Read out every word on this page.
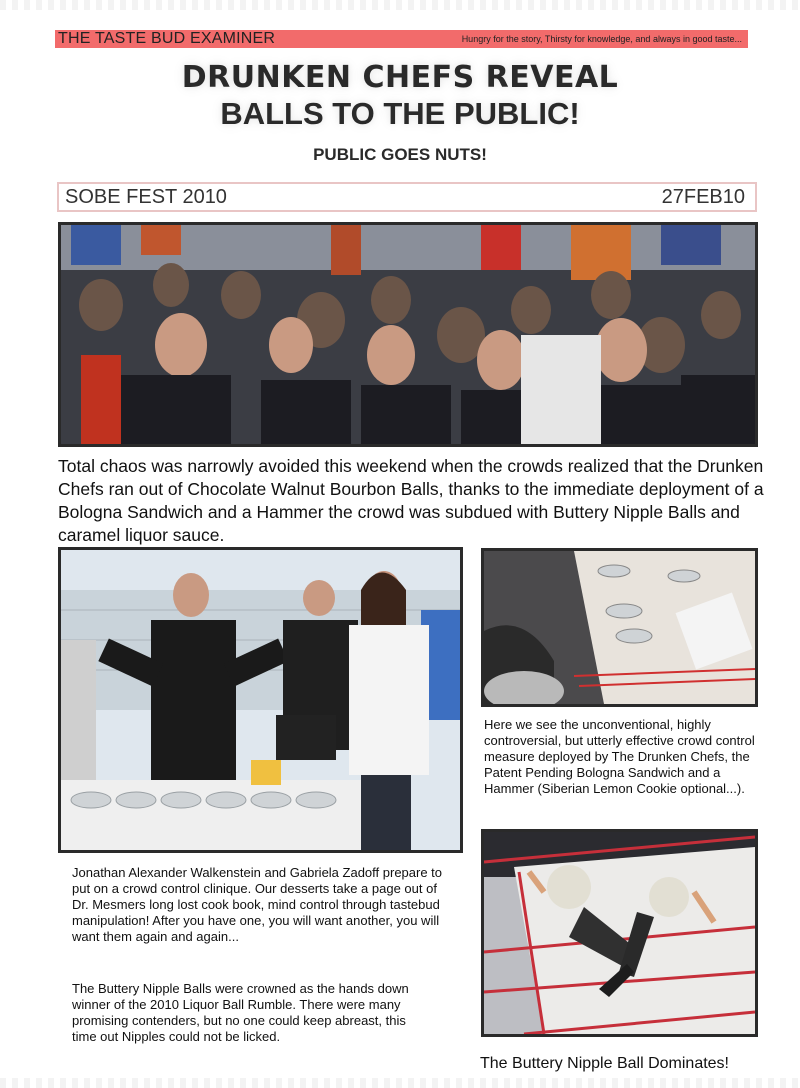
THE TASTE BUD EXAMINER	Hungry for the story, Thirsty for knowledge, and always in good taste...
DRUNKEN CHEFS REVEAL
BALLS TO THE PUBLIC!
PUBLIC GOES NUTS!
SOBE FEST 2010	27FEB10
Total chaos was narrowly avoided this weekend when the crowds realized that the Drunken Chefs ran out of Chocolate Walnut Bourbon Balls, thanks to the immediate deployment of a Bologna Sandwich and a Hammer the crowd was subdued with Buttery Nipple Balls and caramel liquor sauce.
Here we see the unconventional, highly controversial, but utterly effective crowd control measure deployed by The Drunken Chefs, the Patent Pending Bologna Sandwich and a Hammer (Siberian Lemon Cookie optional...).
Jonathan Alexander Walkenstein and Gabriela Zadoff prepare to put on a crowd control clinique. Our desserts take a page out of Dr. Mesmers long lost cook book, mind control through tastebud manipulation! After you have one, you will want another, you will want them again and again...
The Buttery Nipple Balls were crowned as the hands down winner of the 2010 Liquor Ball Rumble. There were many promising contenders, but no one could keep abreast, this time out Nipples could not be licked.
The Buttery Nipple Ball Dominates!
